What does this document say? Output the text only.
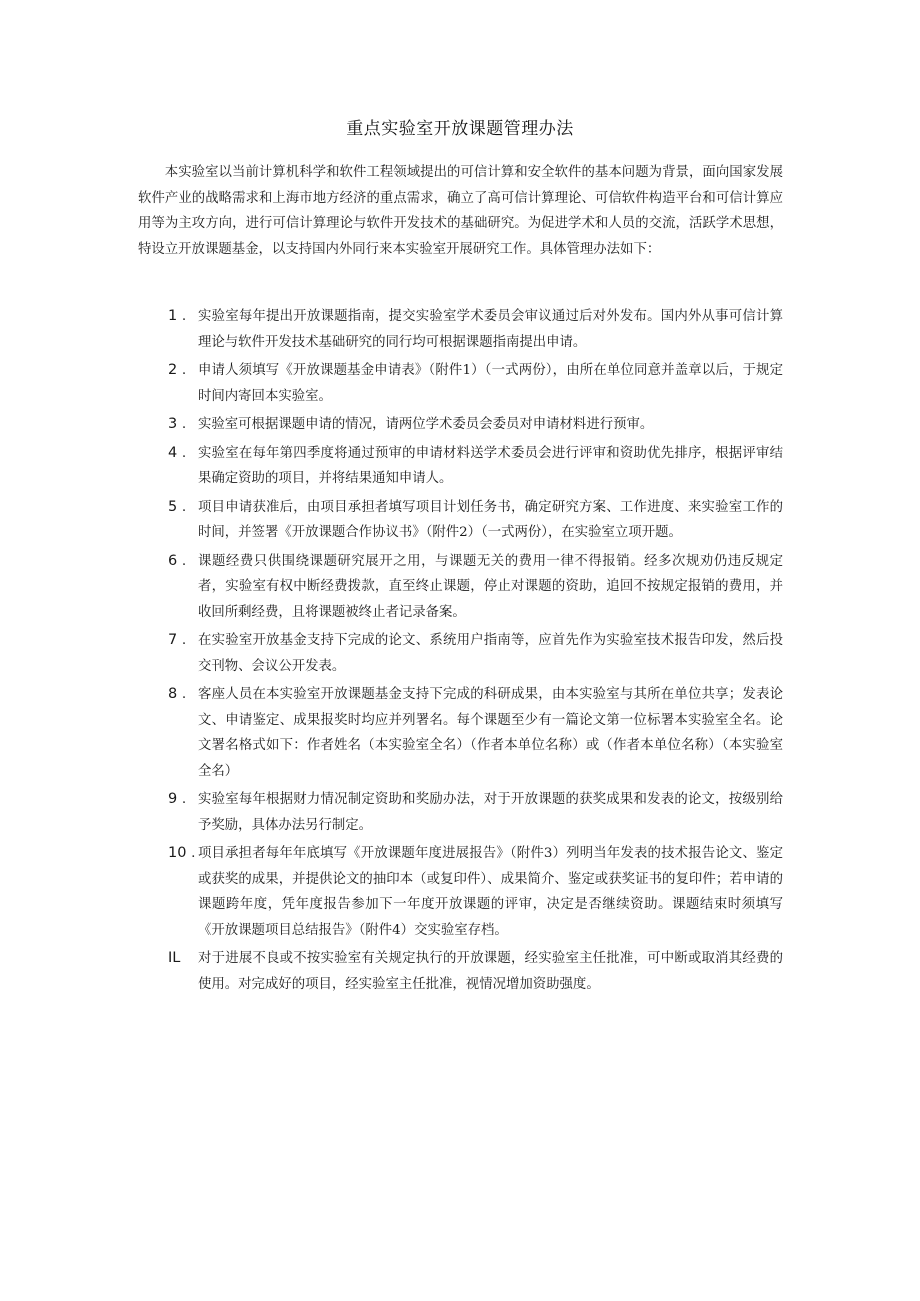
重点实验室开放课题管理办法

本实验室以当前计算机科学和软件工程领域提出的可信计算和安全软件的基本问题为背景，面向国家发展软件产业的战略需求和上海市地方经济的重点需求，确立了高可信计算理论、可信软件构造平台和可信计算应用等为主攻方向，进行可信计算理论与软件开发技术的基础研究。为促进学术和人员的交流，活跃学术思想，特设立开放课题基金，以支持国内外同行来本实验室开展研究工作。具体管理办法如下：

1 . 实验室每年提出开放课题指南，提交实验室学术委员会审议通过后对外发布。国内外从事可信计算理论与软件开发技术基础研究的同行均可根据课题指南提出申请。
2 . 申请人须填写《开放课题基金申请表》（附件1）（一式两份），由所在单位同意并盖章以后，于规定时间内寄回本实验室。
3 . 实验室可根据课题申请的情况，请两位学术委员会委员对申请材料进行预审。
4 . 实验室在每年第四季度将通过预审的申请材料送学术委员会进行评审和资助优先排序，根据评审结果确定资助的项目，并将结果通知申请人。
5 . 项目申请获准后，由项目承担者填写项目计划任务书，确定研究方案、工作进度、来实验室工作的时间，并签署《开放课题合作协议书》（附件2）（一式两份），在实验室立项开题。
6 . 课题经费只供围绕课题研究展开之用，与课题无关的费用一律不得报销。经多次规劝仍违反规定者，实验室有权中断经费拨款，直至终止课题，停止对课题的资助，追回不按规定报销的费用，并收回所剩经费，且将课题被终止者记录备案。
7 . 在实验室开放基金支持下完成的论文、系统用户指南等，应首先作为实验室技术报告印发，然后投交刊物、会议公开发表。
8 . 客座人员在本实验室开放课题基金支持下完成的科研成果，由本实验室与其所在单位共享；发表论文、申请鉴定、成果报奖时均应并列署名。每个课题至少有一篇论文第一位标署本实验室全名。论文署名格式如下：作者姓名（本实验室全名）（作者本单位名称）或（作者本单位名称）（本实验室全名）
9 . 实验室每年根据财力情况制定资助和奖励办法，对于开放课题的获奖成果和发表的论文，按级别给予奖励，具体办法另行制定。
10 . 项目承担者每年年底填写《开放课题年度进展报告》（附件3）列明当年发表的技术报告论文、鉴定或获奖的成果，并提供论文的抽印本（或复印件）、成果简介、鉴定或获奖证书的复印件；若申请的课题跨年度，凭年度报告参加下一年度开放课题的评审，决定是否继续资助。课题结束时须填写《开放课题项目总结报告》（附件4）交实验室存档。
IL 对于进展不良或不按实验室有关规定执行的开放课题，经实验室主任批准，可中断或取消其经费的使用。对完成好的项目，经实验室主任批准，视情况增加资助强度。
